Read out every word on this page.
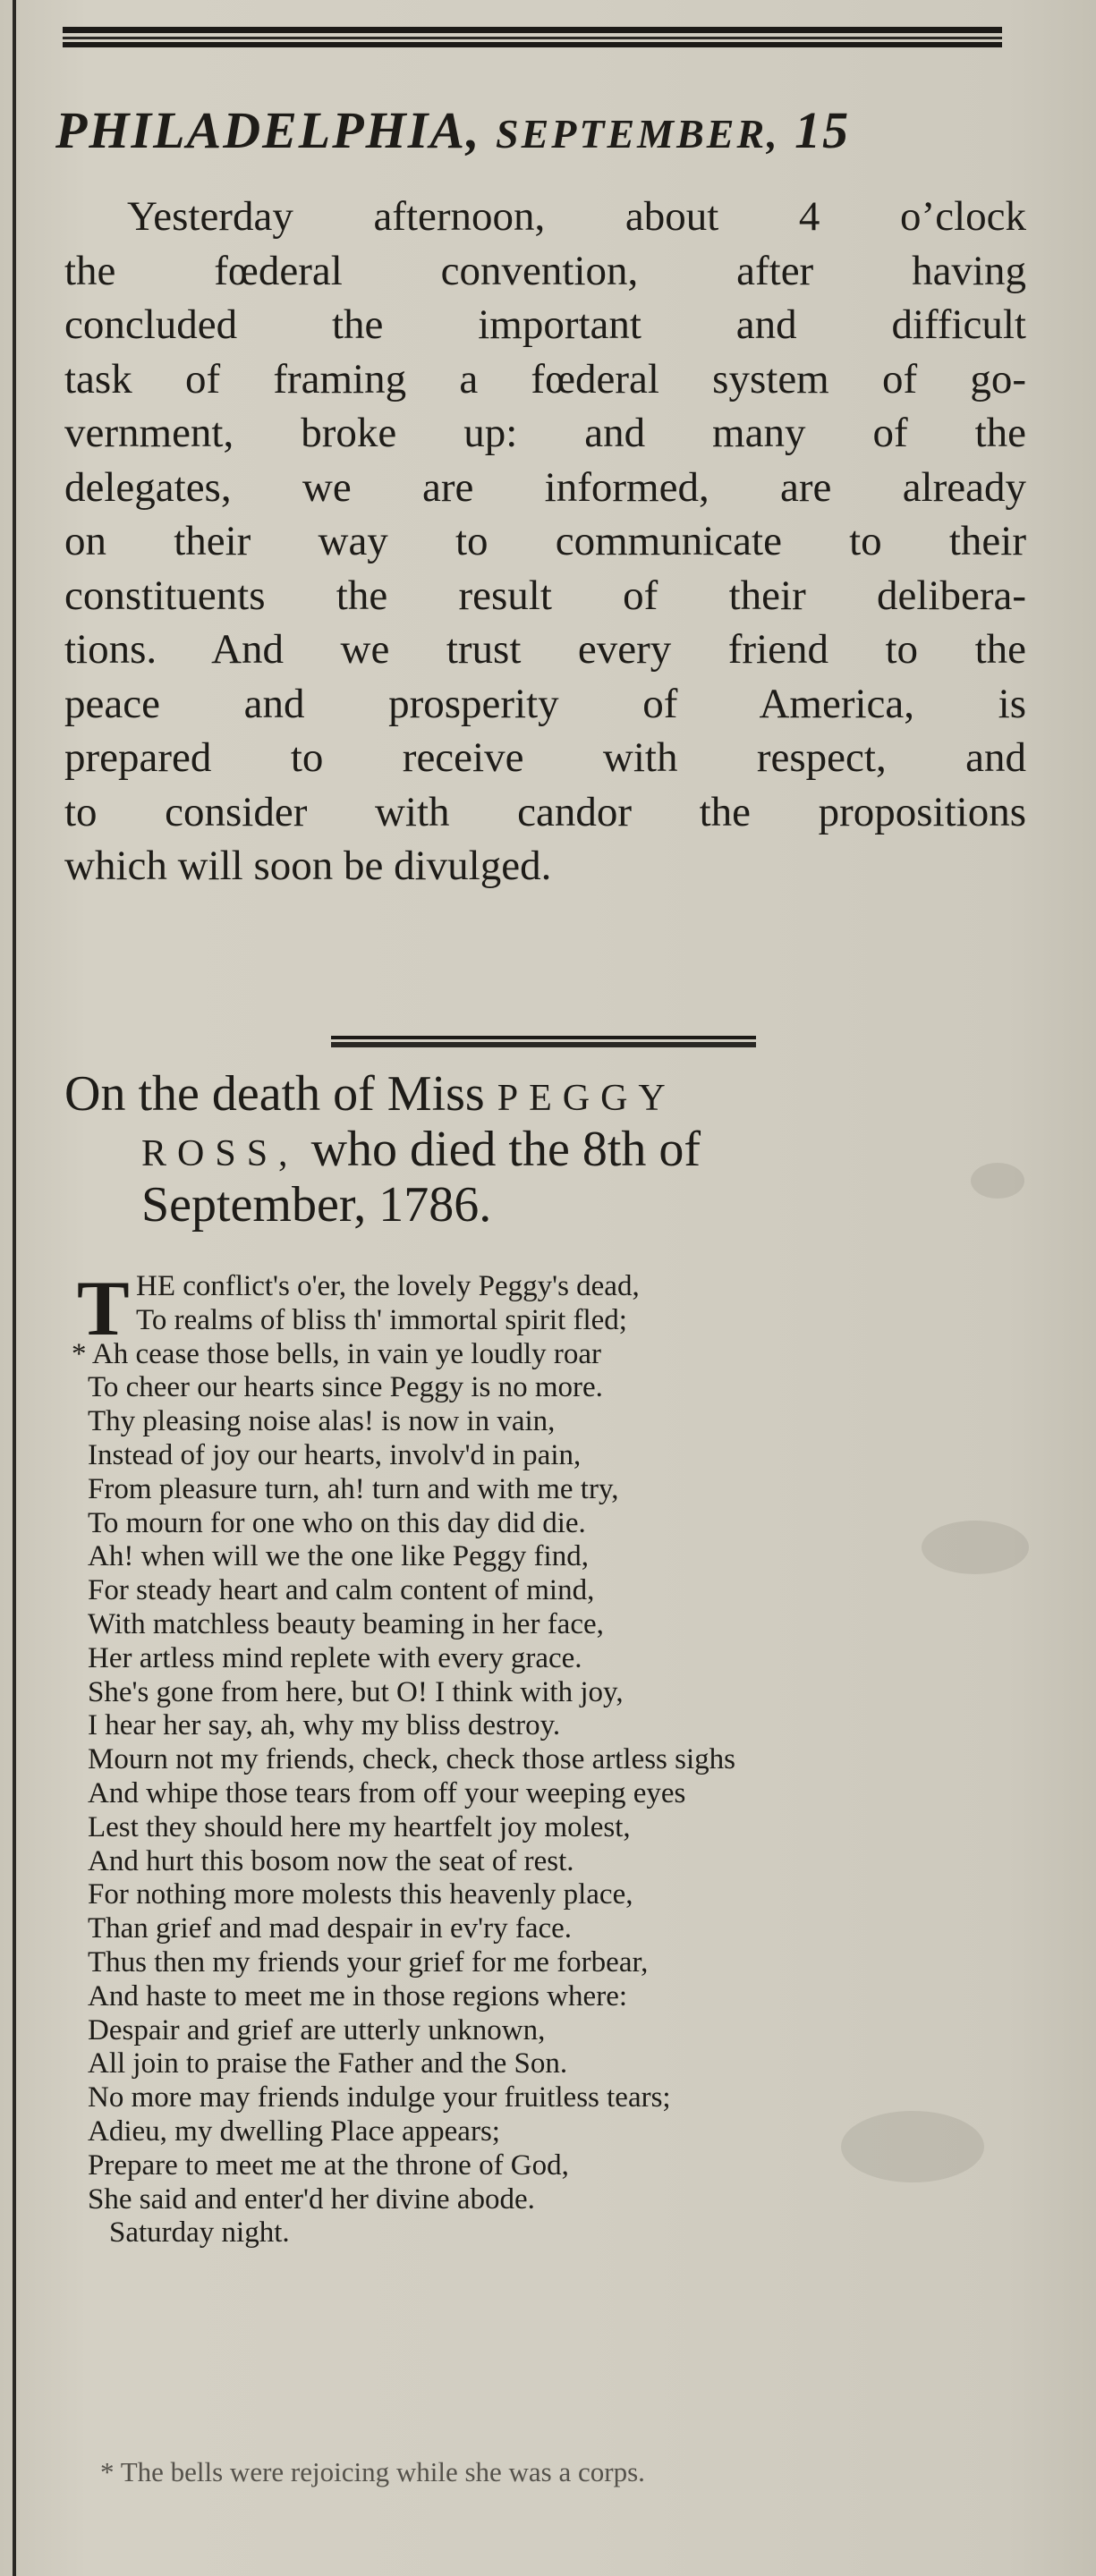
PHILADELPHIA, SEPTEMBER, 15
Yesterday afternoon, about 4 o’clock
the fœderal convention, after having
concluded the important and difficult
task of framing a fœderal system of go-
vernment, broke up: and many of the
delegates, we are informed, are already
on their way to communicate to their
constituents the result of their delibera-
tions. And we trust every friend to the
peace and prosperity of America, is
prepared to receive with respect, and
to consider with candor the propositions
which will soon be divulged.
On the death of Miss PEGGY
ROSS, who died the 8th of
September, 1786.
T HE conflict's o'er, the lovely Peggy's dead,
To realms of bliss th' immortal spirit fled;
* Ah cease those bells, in vain ye loudly roar
To cheer our hearts since Peggy is no more.
Thy pleasing noise alas! is now in vain,
Instead of joy our hearts, involv'd in pain,
From pleasure turn, ah! turn and with me try,
To mourn for one who on this day did die.
Ah! when will we the one like Peggy find,
For steady heart and calm content of mind,
With matchless beauty beaming in her face,
Her artless mind replete with every grace.
She's gone from here, but O! I think with joy,
I hear her say, ah, why my bliss destroy.
Mourn not my friends, check, check those artless sighs
And whipe those tears from off your weeping eyes
Lest they should here my heartfelt joy molest,
And hurt this bosom now the seat of rest.
For nothing more molests this heavenly place,
Than grief and mad despair in ev'ry face.
Thus then my friends your grief for me forbear,
And haste to meet me in those regions where:
Despair and grief are utterly unknown,
All join to praise the Father and the Son.
No more may friends indulge your fruitless tears;
Adieu, my dwelling Place appears;
Prepare to meet me at the throne of God,
She said and enter'd her divine abode.
Saturday night.
* The bells were rejoicing while she was a corps.
